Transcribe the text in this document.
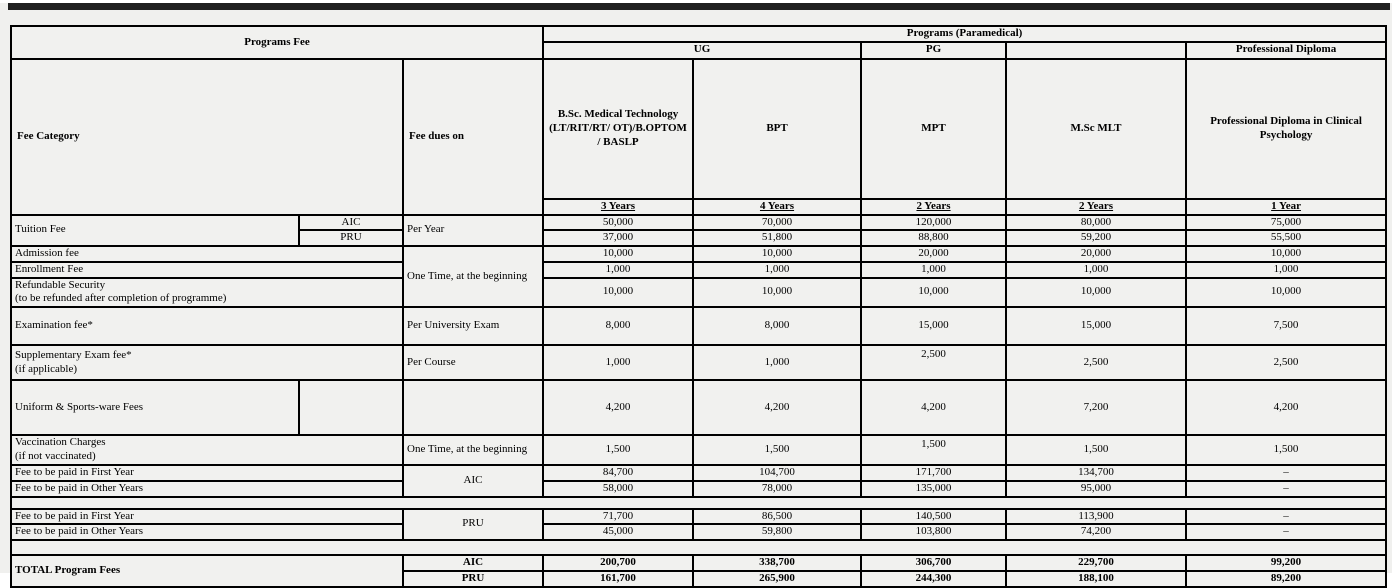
Programs Fee			Programs (Paramedical)				
			UG		PG		Professional Diploma
Fee Category		Fee dues on	B.Sc. Medical Technology (LT/RIT/RT/ OT)/B.OPTOM / BASLP	BPT	MPT	M.Sc MLT	Professional Diploma in Clinical Psychology
			3 Years	4 Years	2 Years	2 Years	1 Year
Tuition Fee	AIC	Per Year	50,000	70,000	120,000	80,000	75,000
	PRU		37,000	51,800	88,800	59,200	55,500
Admission fee		One Time, at the beginning	10,000	10,000	20,000	20,000	10,000
Enrollment Fee			1,000	1,000	1,000	1,000	1,000

Refundable Security
(to be refunded after completion of programme)			10,000	10,000	10,000	10,000	10,000
Examination fee*		Per University Exam	8,000	8,000	15,000	15,000	7,500

Supplementary Exam fee*
(if applicable)		Per Course	1,000	1,000	2,500	2,500	2,500
Uniform & Sports-ware Fees			4,200	4,200	4,200	7,200	4,200

Vaccination Charges
(if not vaccinated)		One Time, at the beginning	1,500	1,500	1,500	1,500	1,500
Fee to be paid in First Year		AIC	84,700	104,700	171,700	134,700	–
Fee to be paid in Other Years			58,000	78,000	135,000	95,000	–

Fee to be paid in First Year		PRU	71,700	86,500	140,500	113,900	–
Fee to be paid in Other Years			45,000	59,800	103,800	74,200	–

TOTAL Program Fees		AIC	200,700	338,700	306,700	229,700	99,200
		PRU	161,700	265,900	244,300	188,100	89,200
